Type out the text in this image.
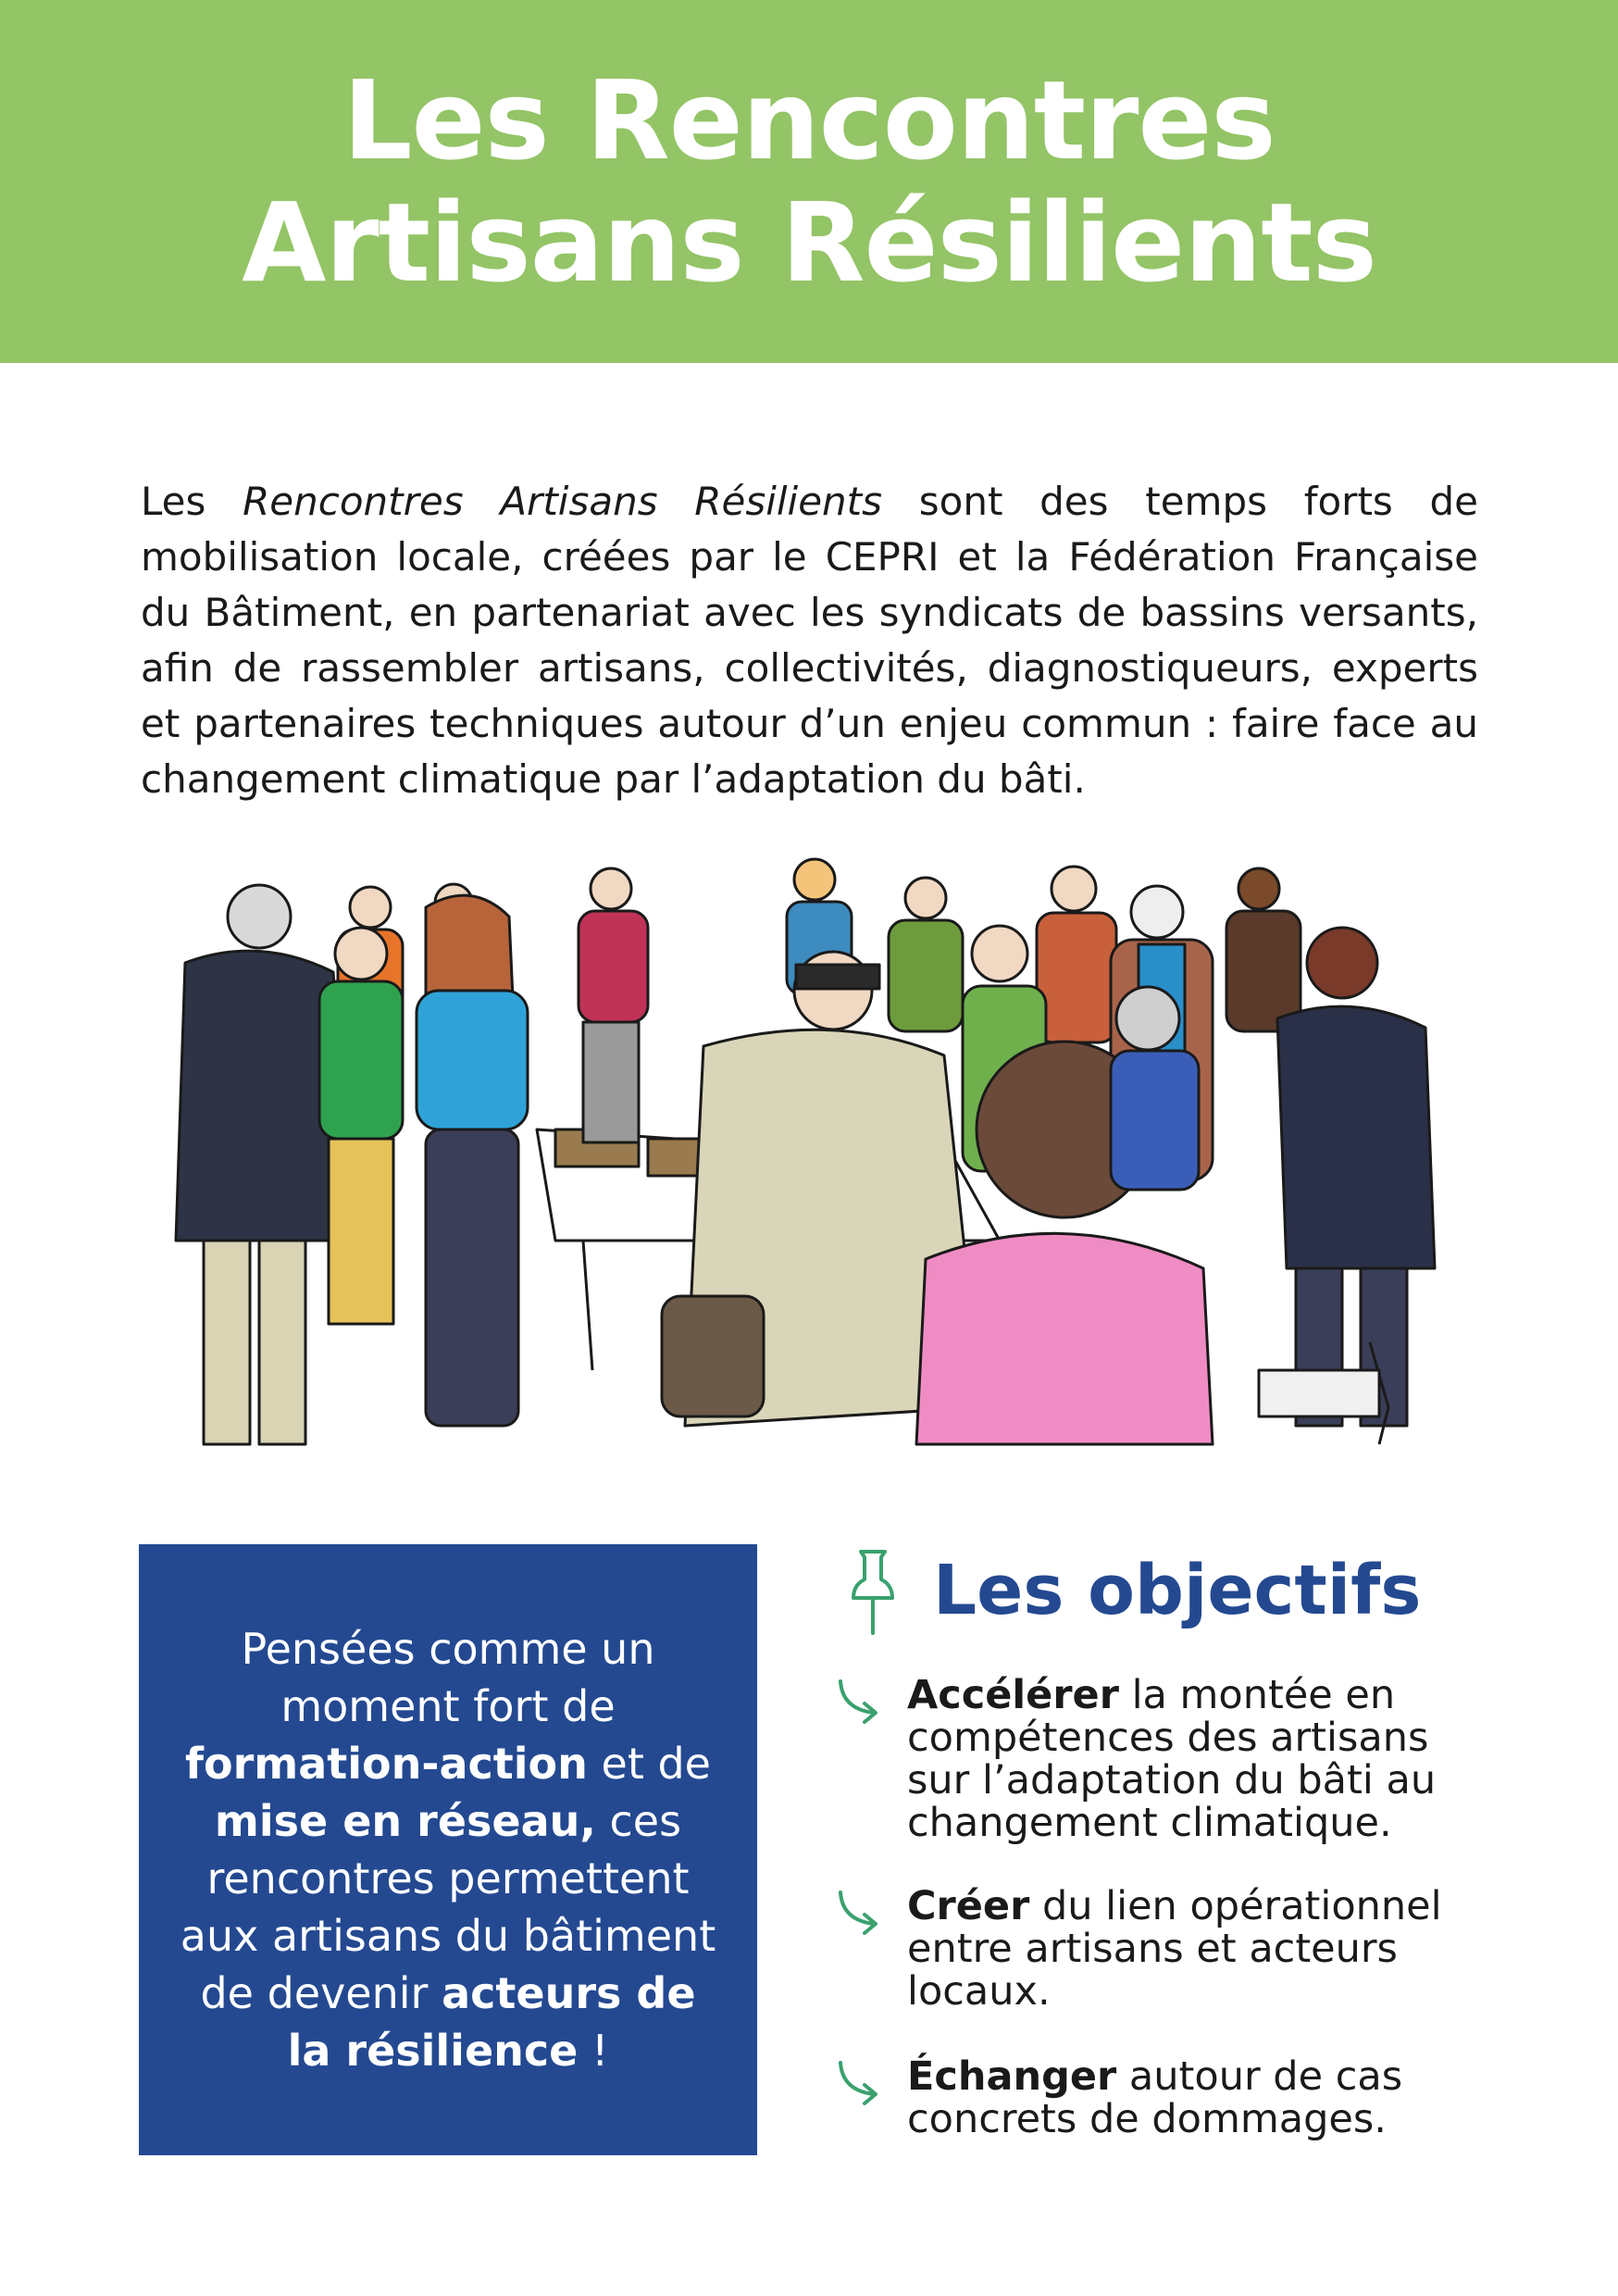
Les Rencontres
Artisans Résilients

Les Rencontres Artisans Résilients sont des temps forts de mobilisation locale, créées par le CEPRI et la Fédération Française du Bâtiment, en partenariat avec les syndicats de bassins versants, afin de rassembler artisans, collectivités, diagnostiqueurs, experts et partenaires techniques autour d’un enjeu commun : faire face au changement climatique par l’adaptation du bâti.

Pensées comme un moment fort de formation-action et de mise en réseau, ces rencontres permettent aux artisans du bâtiment de devenir acteurs de la résilience !

Les objectifs
Accélérer la montée en compétences des artisans sur l’adaptation du bâti au changement climatique.
Créer du lien opérationnel entre artisans et acteurs locaux.
Échanger autour de cas concrets de dommages.
